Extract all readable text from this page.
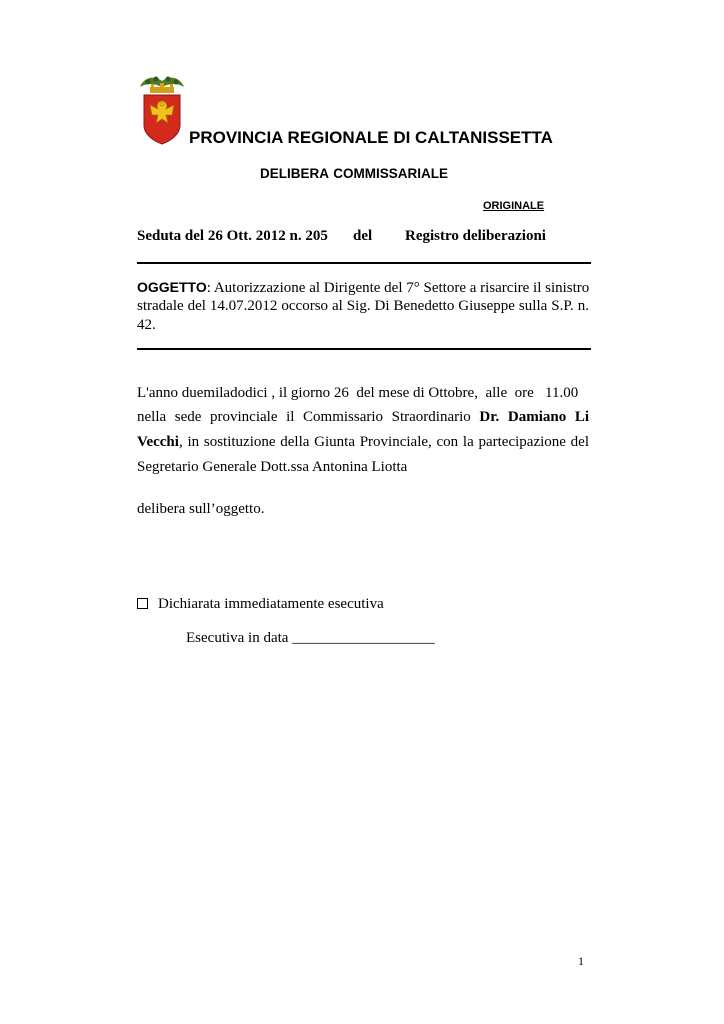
PROVINCIA REGIONALE DI CALTANISSETTA
DELIBERA COMMISSARIALE
ORIGINALE
Seduta del 26 Ott. 2012 n. 205 del Registro deliberazioni
OGGETTO: Autorizzazione al Dirigente del 7° Settore a risarcire il sinistro
stradale del 14.07.2012 occorso al Sig. Di Benedetto Giuseppe sulla S.P. n.
42.
L'anno duemiladodici , il giorno 26  del mese di Ottobre,  alle  ore   11.00
nella sede provinciale il Commissario Straordinario Dr. Damiano Li
Vecchi, in sostituzione della Giunta Provinciale, con la partecipazione del
Segretario Generale Dott.ssa Antonina Liotta
delibera sull’oggetto.
Dichiarata immediatamente esecutiva
Esecutiva in data ___________________
1
